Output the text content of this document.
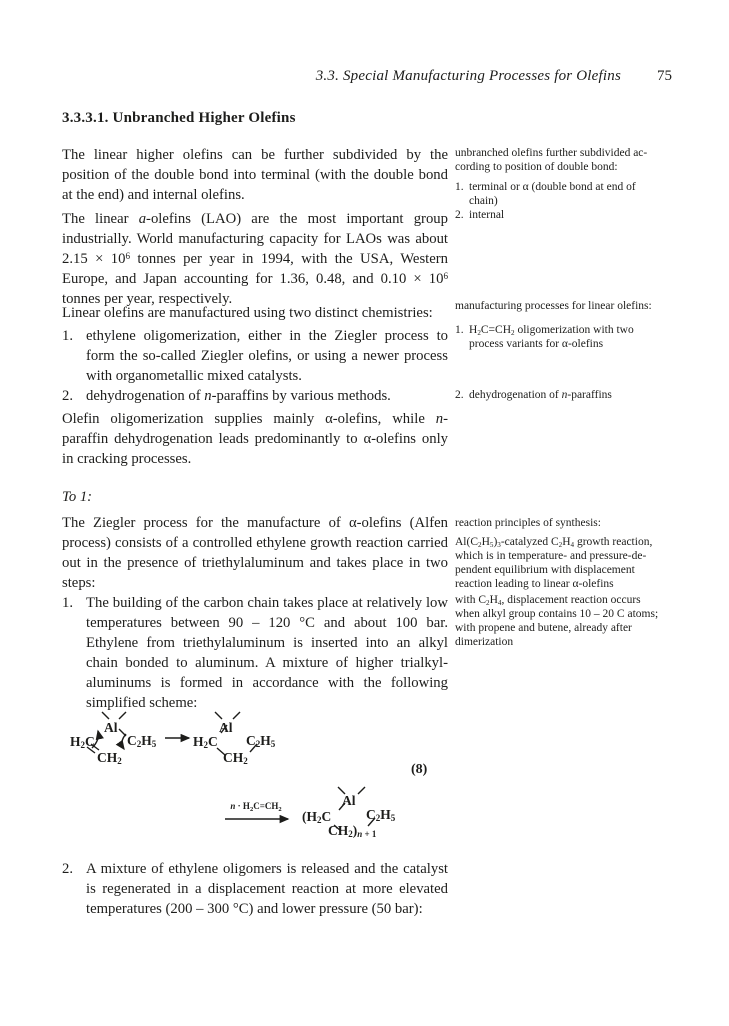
3.3. Special Manufacturing Processes for Olefins 75
3.3.3.1. Unbranched Higher Olefins

The linear higher olefins can be further subdivided by the position of the double bond into terminal (with the double bond at the end) and internal olefins.

The linear a-olefins (LAO) are the most important group industrially. World manufacturing capacity for LAOs was about $2.15 \times 10^6$ tonnes per year in 1994, with the USA, Western Europe, and Japan accounting for 1.36, 0.48, and $0.10 \times 10^6$ tonnes per year, respectively.

Linear olefins are manufactured using two distinct chemistries:

1. ethylene oligomerization, either in the Ziegler process to form the so-called Ziegler olefins, or using a newer process with organometallic mixed catalysts.
2. dehydrogenation of n-paraffins by various methods.

Olefin oligomerization supplies mainly α-olefins, while n-paraffin dehydrogenation leads predominantly to α-olefins only in cracking processes.

To 1:

The Ziegler process for the manufacture of α-olefins (Alfen process) consists of a controlled ethylene growth reaction carried out in the presence of triethylaluminum and takes place in two steps:

1. The building of the carbon chain takes place at relatively low temperatures between 90 – 120 °C and about 100 bar. Ethylene from triethylaluminum is inserted into an alkyl chain bonded to aluminum. A mixture of higher trialkylaluminums is formed in accordance with the following simplified scheme:
2. A mixture of ethylene oligomers is released and the catalyst is regenerated in a displacement reaction at more elevated temperatures (200 – 300 °C) and lower pressure (50 bar):

unbranched olefins further subdivided ac-
cording to position of double bond:

1. terminal or α (double bond at end of
chain)
2. internal

manufacturing processes for linear olefins:

1. $H_2C=CH_2$ oligomerization with two
process variants for α-olefins
2. dehydrogenation of n-paraffins

reaction principles of synthesis:

$Al(C_2H_5)_3$-catalyzed $C_2H_4$ growth reaction,
which is in temperature- and pressure-de-
pendent equilibrium with displacement
reaction leading to linear α-olefins

with $C_2H_4$, displacement reaction occurs
when alkyl group contains 10 – 20 C atoms;
with propene and butene, already after
dimerization

$H_2C$
Al
$CH_2$
$C_2H_5$	$H_2C$
Al
$CH_2$
$C_2H_5$
(8)
$n \cdot H_2C=CH_2$	($H_2C$
Al
$C_2H_5$
$CH_2)_n$ $_{+ 1}$
